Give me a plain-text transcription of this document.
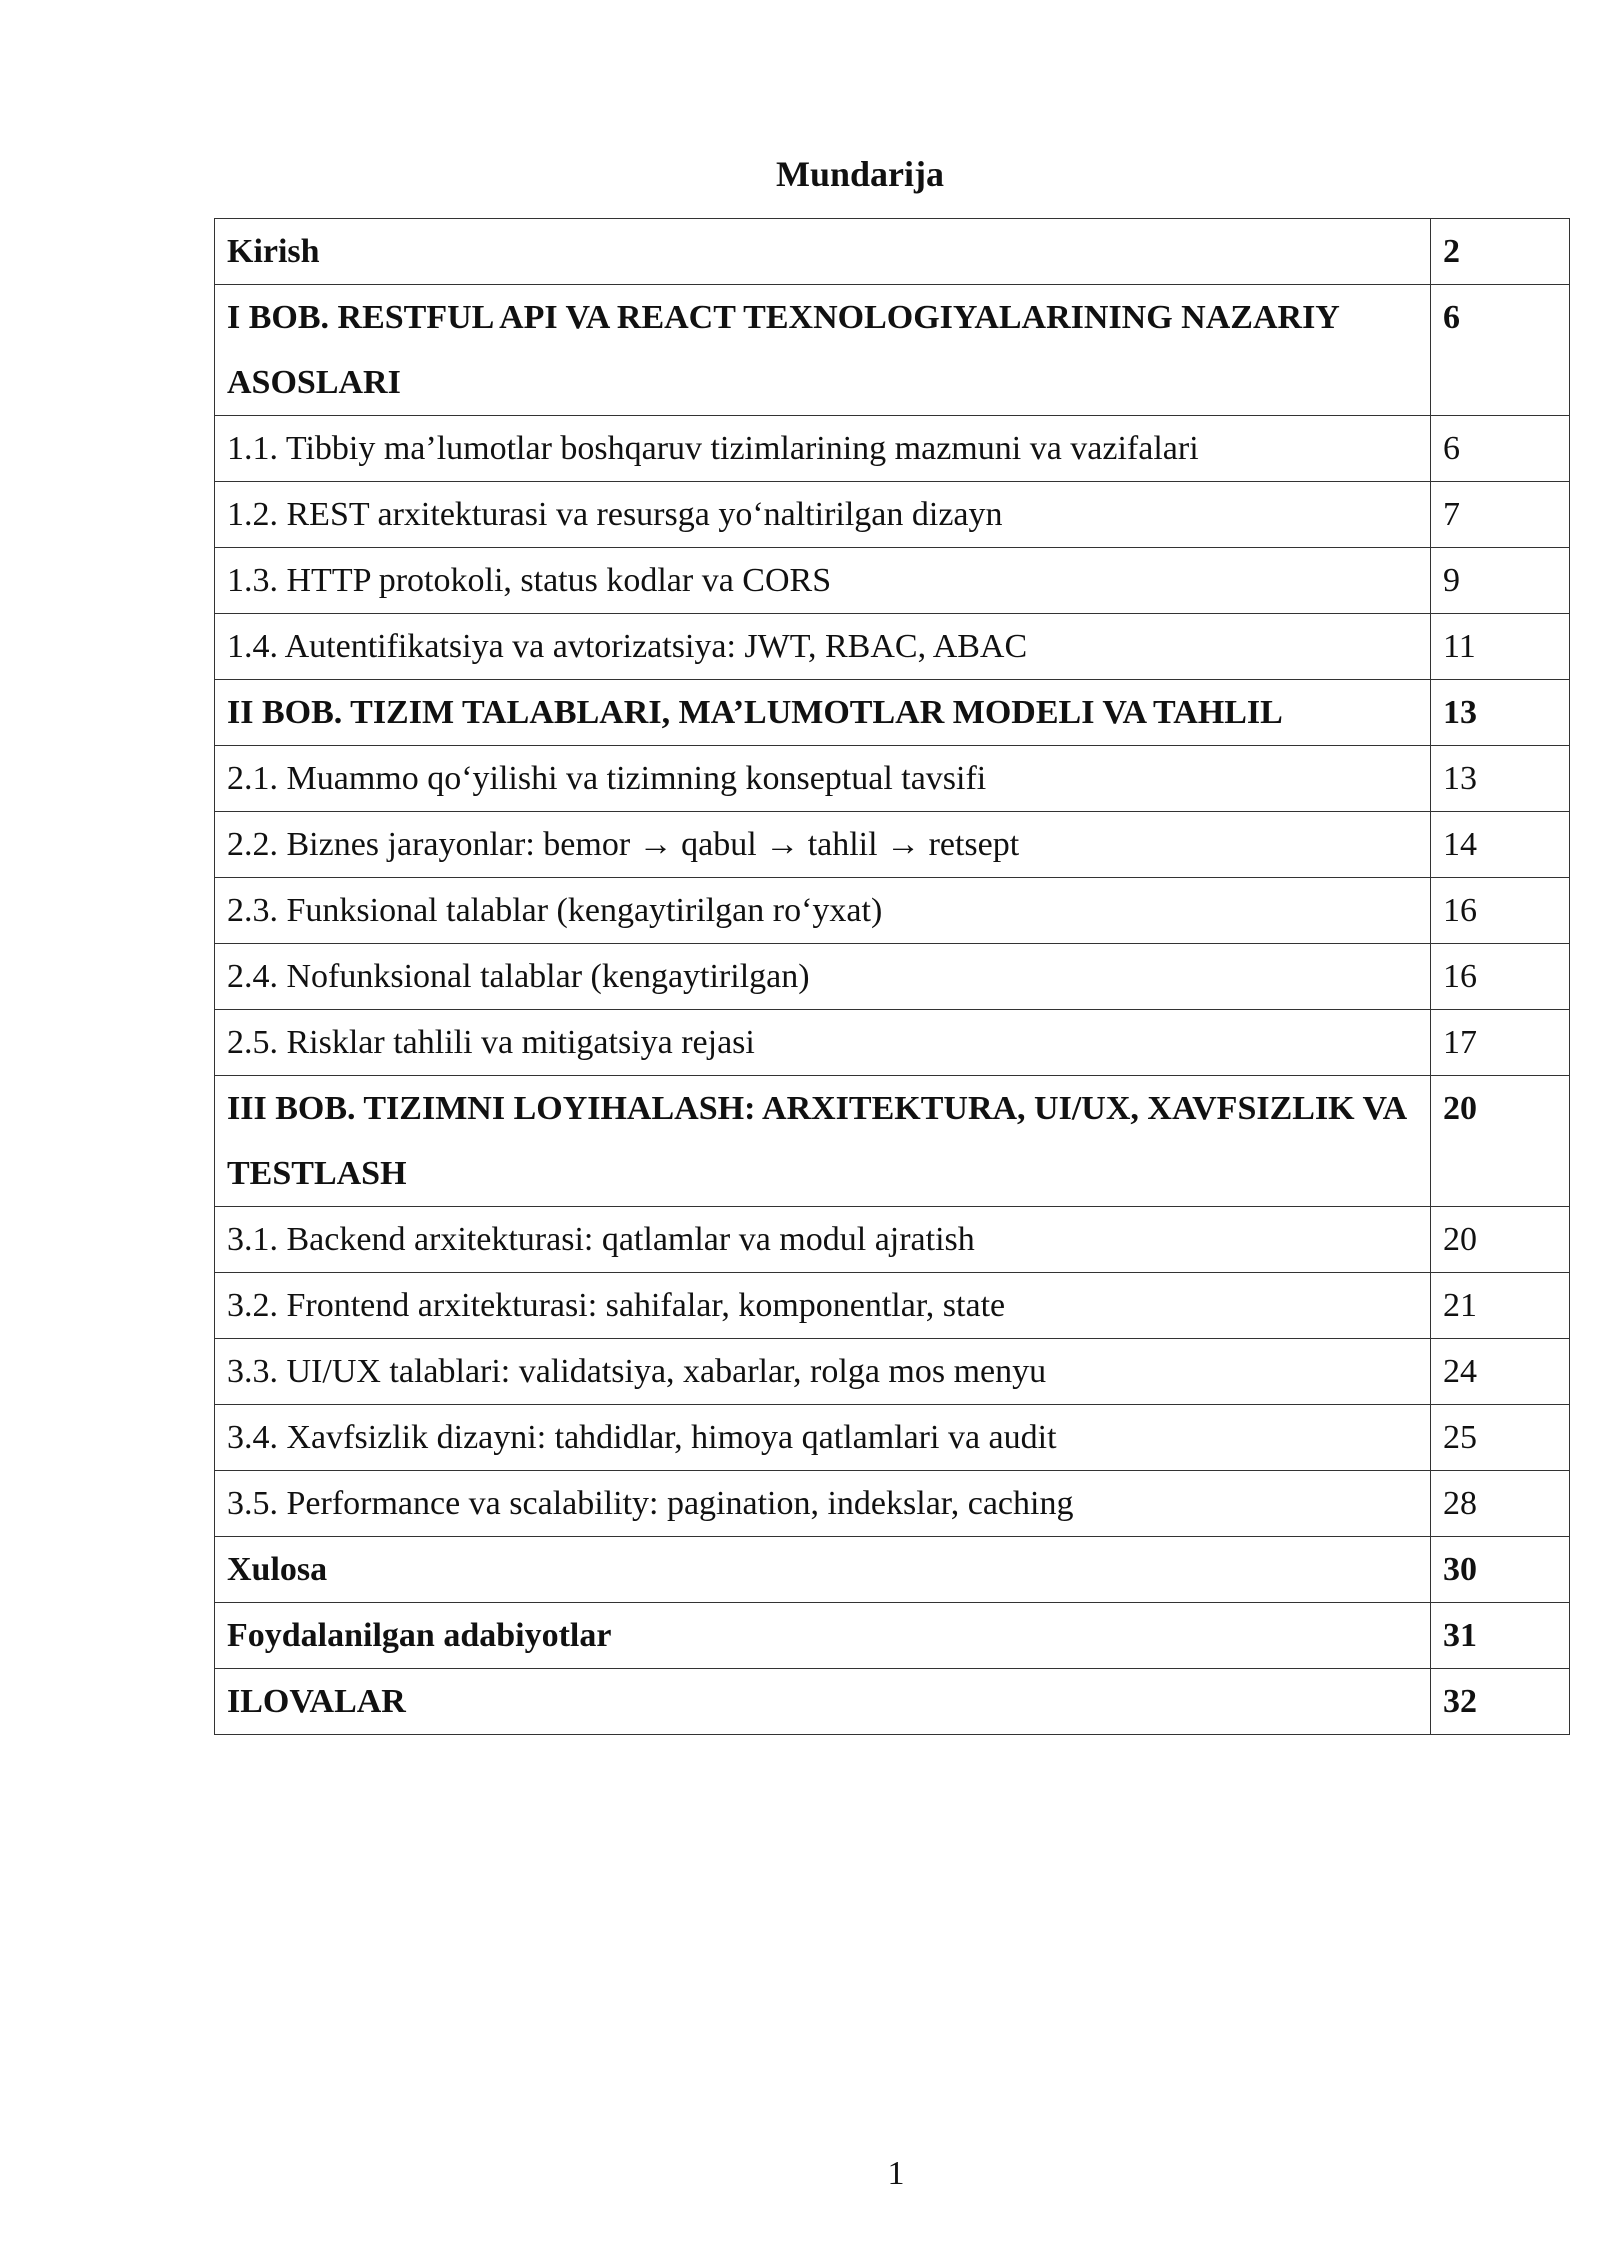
Mundarija
Kirish	2
I BOB. RESTFUL API VA REACT TEXNOLOGIYALARINING NAZARIY ASOSLARI	6
1.1. Tibbiy ma’lumotlar boshqaruv tizimlarining mazmuni va vazifalari	6
1.2. REST arxitekturasi va resursga yo‘naltirilgan dizayn	7
1.3. HTTP protokoli, status kodlar va CORS	9
1.4. Autentifikatsiya va avtorizatsiya: JWT, RBAC, ABAC	11
II BOB. TIZIM TALABLARI, MA’LUMOTLAR MODELI VA TAHLIL	13
2.1. Muammo qo‘yilishi va tizimning konseptual tavsifi	13
2.2. Biznes jarayonlar: bemor → qabul → tahlil → retsept	14
2.3. Funksional talablar (kengaytirilgan ro‘yxat)	16
2.4. Nofunksional talablar (kengaytirilgan)	16
2.5. Risklar tahlili va mitigatsiya rejasi	17
III BOB. TIZIMNI LOYIHALASH: ARXITEKTURA, UI/UX, XAVFSIZLIK VA TESTLASH	20
3.1. Backend arxitekturasi: qatlamlar va modul ajratish	20
3.2. Frontend arxitekturasi: sahifalar, komponentlar, state	21
3.3. UI/UX talablari: validatsiya, xabarlar, rolga mos menyu	24
3.4. Xavfsizlik dizayni: tahdidlar, himoya qatlamlari va audit	25
3.5. Performance va scalability: pagination, indekslar, caching	28
Xulosa	30
Foydalanilgan adabiyotlar	31
ILOVALAR	32
1
